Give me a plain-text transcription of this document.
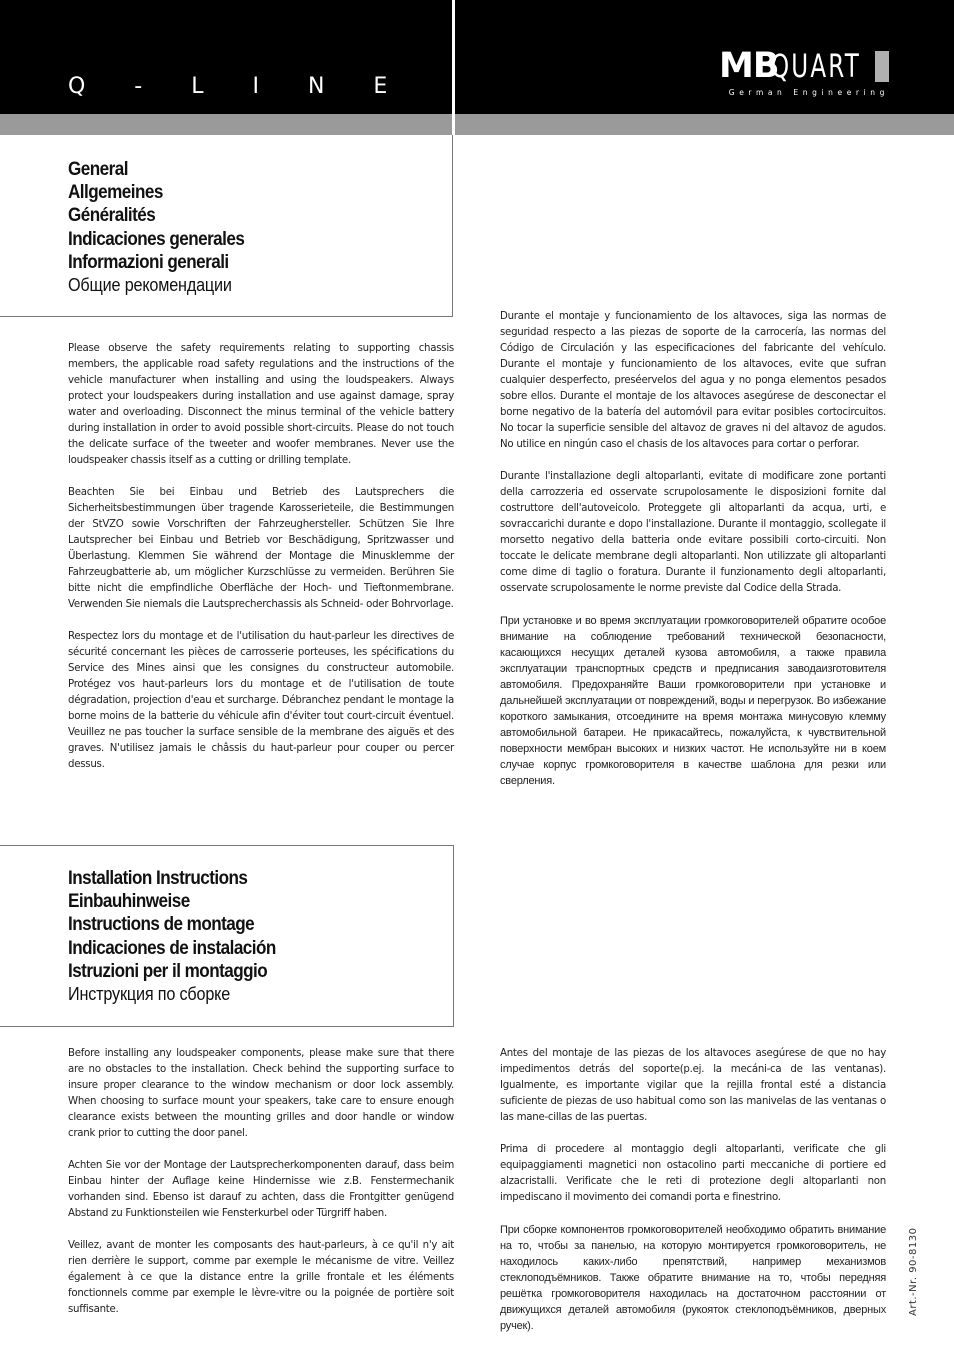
Q - L I N E
MB
QUART
German Engineering
General
Allgemeines
Généralités
Indicaciones generales
Informazioni generali
Общие рекомендации

Please observe the safety requirements relating to supporting chassis members, the applicable road safety regulations and the instructions of the vehicle manufacturer when installing and using the loudspeakers. Always protect your loudspeakers during installation and use against damage, spray water and overloading. Disconnect the minus terminal of the vehicle battery during installation in order to avoid possible short-circuits. Please do not touch the delicate surface of the tweeter and woofer membranes. Never use the loudspeaker chassis itself as a cutting or drilling template.

Beachten Sie bei Einbau und Betrieb des Lautsprechers die Sicherheitsbestimmungen über tragende Karosserieteile, die Bestimmungen der StVZO sowie Vorschriften der Fahrzeughersteller. Schützen Sie Ihre Lautsprecher bei Einbau und Betrieb vor Beschädigung, Spritzwasser und Überlastung. Klemmen Sie während der Montage die Minusklemme der Fahrzeugbatterie ab, um möglicher Kurzschlüsse zu vermeiden. Berühren Sie bitte nicht die empfindliche Oberfläche der Hoch- und Tieftonmembrane. Verwenden Sie niemals die Lautsprecherchassis als Schneid- oder Bohrvorlage.

Respectez lors du montage et de l'utilisation du haut-parleur les directives de sécurité concernant les pièces de carrosserie porteuses, les spécifications du Service des Mines ainsi que les consignes du constructeur automobile. Protégez vos haut-parleurs lors du montage et de l'utilisation de toute dégradation, projection d'eau et surcharge. Débranchez pendant le montage la borne moins de la batterie du véhicule afin d'éviter tout court-circuit éventuel. Veuillez ne pas toucher la surface sensible de la membrane des aiguës et des graves. N'utilisez jamais le châssis du haut-parleur pour couper ou percer dessus.

Durante el montaje y funcionamiento de los altavoces, siga las normas de seguridad respecto a las piezas de soporte de la carrocería, las normas del Código de Circulación y las especificaciones del fabricante del vehículo. Durante el montaje y funcionamiento de los altavoces, evite que sufran cualquier desperfecto, preséervelos del agua y no ponga elementos pesados sobre ellos. Durante el montaje de los altavoces asegúrese de desconectar el borne negativo de la batería del automóvil para evitar posibles cortocircuitos. No tocar la superficie sensible del altavoz de graves ni del altavoz de agudos. No utilice en ningún caso el chasis de los altavoces para cortar o perforar.

Durante l'installazione degli altoparlanti, evitate di modificare zone portanti della carrozzeria ed osservate scrupolosamente le disposizioni fornite dal costruttore dell'autoveicolo. Proteggete gli altoparlanti da acqua, urti, e sovraccarichi durante e dopo l'installazione. Durante il montaggio, scollegate il morsetto negativo della batteria onde evitare possibili corto-circuiti. Non toccate le delicate membrane degli altoparlanti. Non utilizzate gli altoparlanti come dime di taglio o foratura. Durante il funzionamento degli altoparlanti, osservate scrupolosamente le norme previste dal Codice della Strada.

При установке и во время эксплуатации громкоговорителей обратите особое внимание на соблюдение требований технической безопасности, касающихся несущих деталей кузова автомобиля, а также правила эксплуатации транспортных средств и предписания заводаизготовителя автомобиля. Предохраняйте Ваши громкоговорители при установке и дальнейшей эксплуатации от повреждений, воды и перегрузок. Во избежание короткого замыкания, отсоедините на время монтажа минусовую клемму автомобильной батареи. Не прикасайтесь, пожалуйста, к чувствительной поверхности мембран высоких и низких частот. Не используйте ни в коем случае корпус громкоговорителя в качестве шаблона для резки или сверления.

Installation Instructions
Einbauhinweise
Instructions de montage
Indicaciones de instalación
Istruzioni per il montaggio
Инструкция по сборке

Before installing any loudspeaker components, please make sure that there are no obstacles to the installation. Check behind the supporting surface to insure proper clearance to the window mechanism or door lock assembly. When choosing to surface mount your speakers, take care to ensure enough clearance exists between the mounting grilles and door handle or window crank prior to cutting the door panel.

Achten Sie vor der Montage der Lautsprecherkomponenten darauf, dass beim Einbau hinter der Auflage keine Hindernisse wie z.B. Fenstermechanik vorhanden sind. Ebenso ist darauf zu achten, dass die Frontgitter genügend Abstand zu Funktionsteilen wie Fensterkurbel oder Türgriff haben.

Veillez, avant de monter les composants des haut-parleurs, à ce qu'il n'y ait rien derrière le support, comme par exemple le mécanisme de vitre. Veillez également à ce que la distance entre la grille frontale et les éléments fonctionnels comme par exemple le lèvre-vitre ou la poignée de portière soit suffisante.

Antes del montaje de las piezas de los altavoces asegúrese de que no hay impedimentos detrás del soporte(p.ej. la mecáni-ca de las ventanas). Igualmente, es importante vigilar que la rejilla frontal esté a distancia suficiente de piezas de uso habitual como son las manivelas de las ventanas o las mane-cillas de las puertas.

Prima di procedere al montaggio degli altoparlanti, verificate che gli equipaggiamenti magnetici non ostacolino parti meccaniche di portiere ed alzacristalli. Verificate che le reti di protezione degli altoparlanti non impediscano il movimento dei comandi porta e finestrino.

При сборке компонентов громкоговорителей необходимо обратить внимание на то, чтобы за панелью, на которую монтируется громкоговоритель, не находилось каких-либо препятствий, например механизмов стеклоподъёмников. Также обратите внимание на то, чтобы передняя решётка громкоговорителя находилась на достаточном расстоянии от движущихся деталей автомобиля (рукояток стеклоподъёмников, дверных ручек).

Art.-Nr. 90-8130
